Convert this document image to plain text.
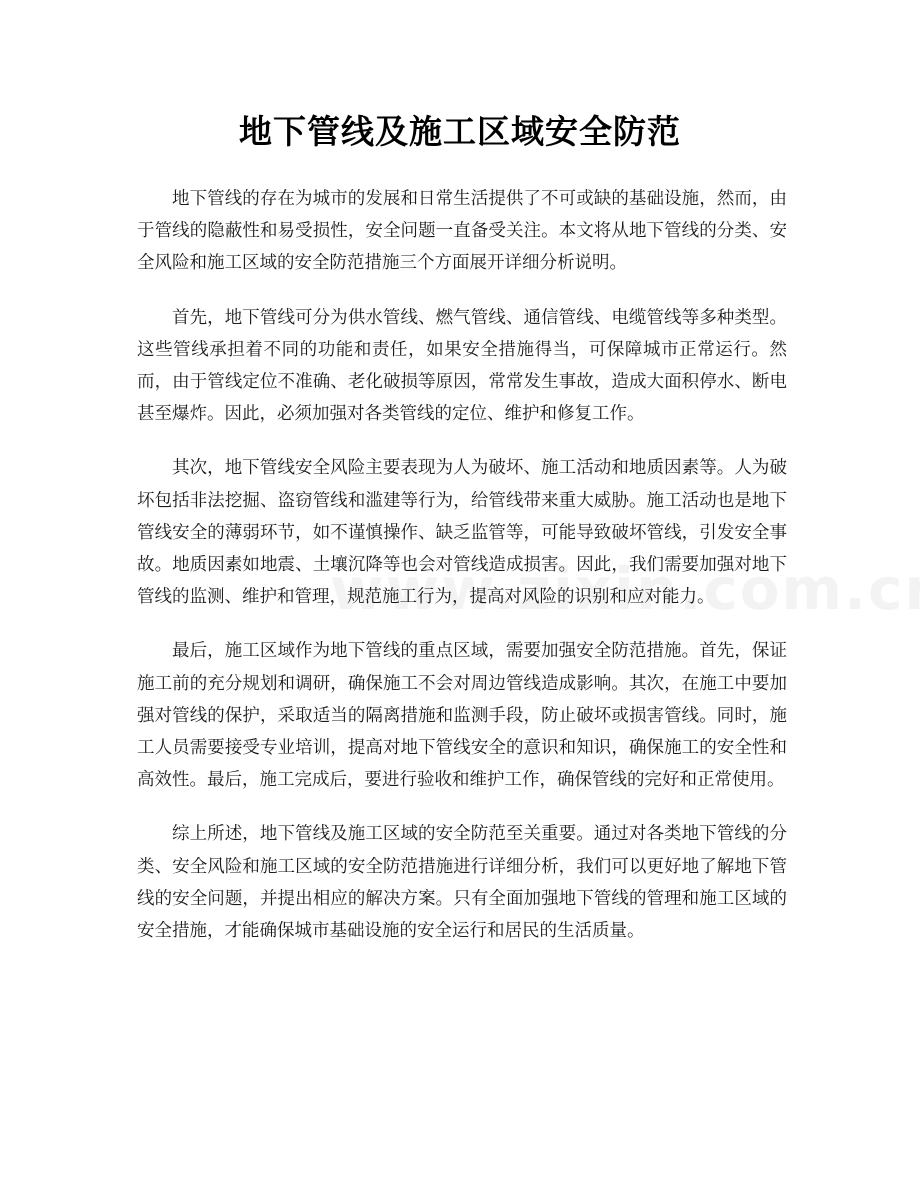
地下管线及施工区域安全防范

地下管线的存在为城市的发展和日常生活提供了不可或缺的基础设施，然而，由于管线的隐蔽性和易受损性，安全问题一直备受关注。本文将从地下管线的分类、安全风险和施工区域的安全防范措施三个方面展开详细分析说明。

首先，地下管线可分为供水管线、燃气管线、通信管线、电缆管线等多种类型。这些管线承担着不同的功能和责任，如果安全措施得当，可保障城市正常运行。然而，由于管线定位不准确、老化破损等原因，常常发生事故，造成大面积停水、断电甚至爆炸。因此，必须加强对各类管线的定位、维护和修复工作。

其次，地下管线安全风险主要表现为人为破坏、施工活动和地质因素等。人为破坏包括非法挖掘、盗窃管线和滥建等行为，给管线带来重大威胁。施工活动也是地下管线安全的薄弱环节，如不谨慎操作、缺乏监管等，可能导致破坏管线，引发安全事故。地质因素如地震、土壤沉降等也会对管线造成损害。因此，我们需要加强对地下管线的监测、维护和管理，规范施工行为，提高对风险的识别和应对能力。

最后，施工区域作为地下管线的重点区域，需要加强安全防范措施。首先，保证施工前的充分规划和调研，确保施工不会对周边管线造成影响。其次，在施工中要加强对管线的保护，采取适当的隔离措施和监测手段，防止破坏或损害管线。同时，施工人员需要接受专业培训，提高对地下管线安全的意识和知识，确保施工的安全性和高效性。最后，施工完成后，要进行验收和维护工作，确保管线的完好和正常使用。

综上所述，地下管线及施工区域的安全防范至关重要。通过对各类地下管线的分类、安全风险和施工区域的安全防范措施进行详细分析，我们可以更好地了解地下管线的安全问题，并提出相应的解决方案。只有全面加强地下管线的管理和施工区域的安全措施，才能确保城市基础设施的安全运行和居民的生活质量。
